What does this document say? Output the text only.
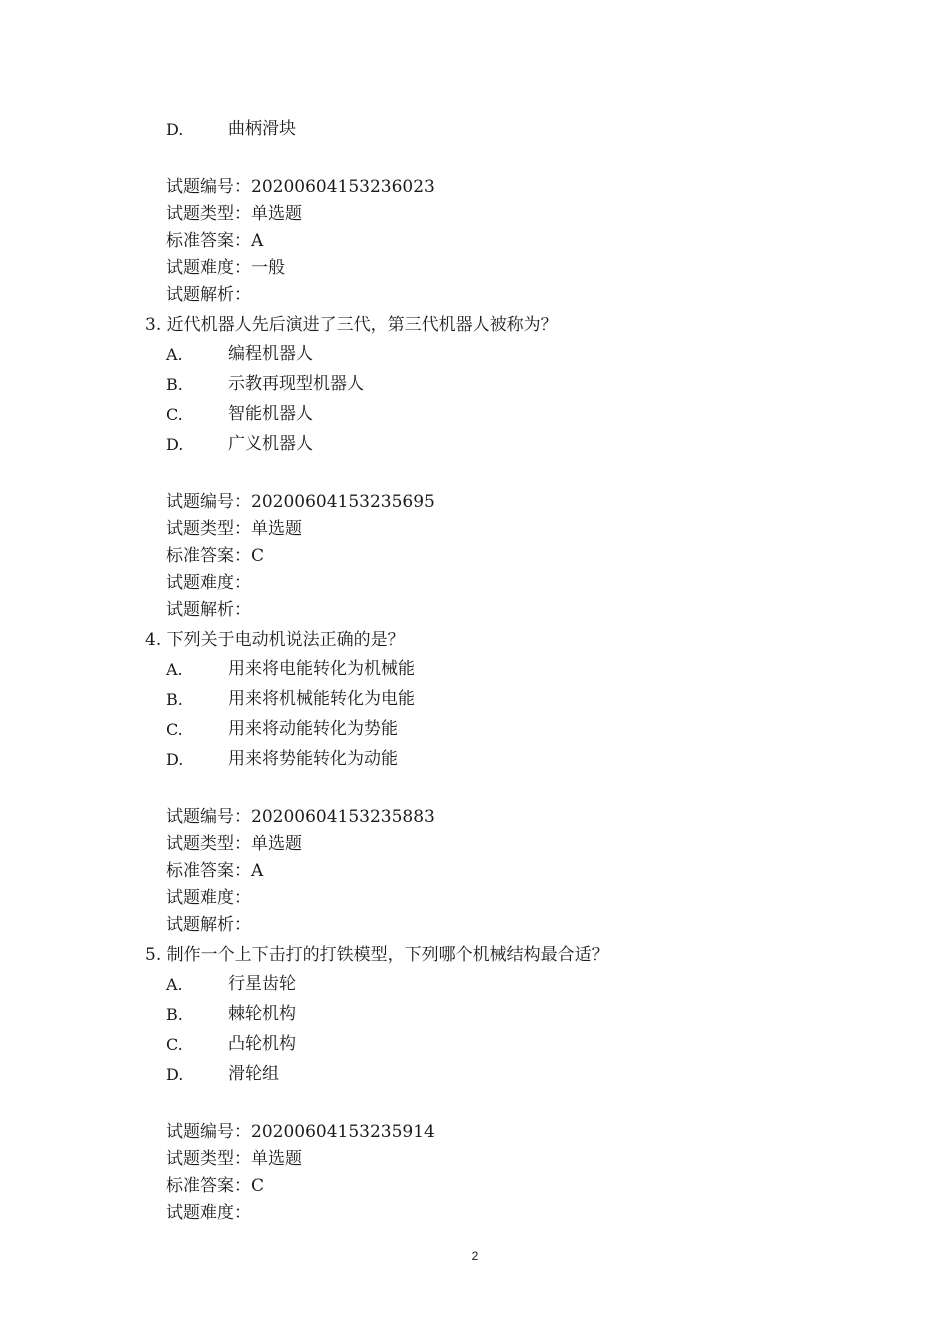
D.	曲柄滑块
试题编号：20200604153236023
试题类型：单选题
标准答案：A
试题难度：一般
试题解析：
3. 近代机器人先后演进了三代，第三代机器人被称为？
A.	编程机器人
B.	示教再现型机器人
C.	智能机器人
D.	广义机器人
试题编号：20200604153235695
试题类型：单选题
标准答案：C
试题难度：
试题解析：
4. 下列关于电动机说法正确的是？
A.	用来将电能转化为机械能
B.	用来将机械能转化为电能
C.	用来将动能转化为势能
D.	用来将势能转化为动能
试题编号：20200604153235883
试题类型：单选题
标准答案：A
试题难度：
试题解析：
5. 制作一个上下击打的打铁模型，下列哪个机械结构最合适？
A.	行星齿轮
B.	棘轮机构
C.	凸轮机构
D.	滑轮组
试题编号：20200604153235914
试题类型：单选题
标准答案：C
试题难度：
2
